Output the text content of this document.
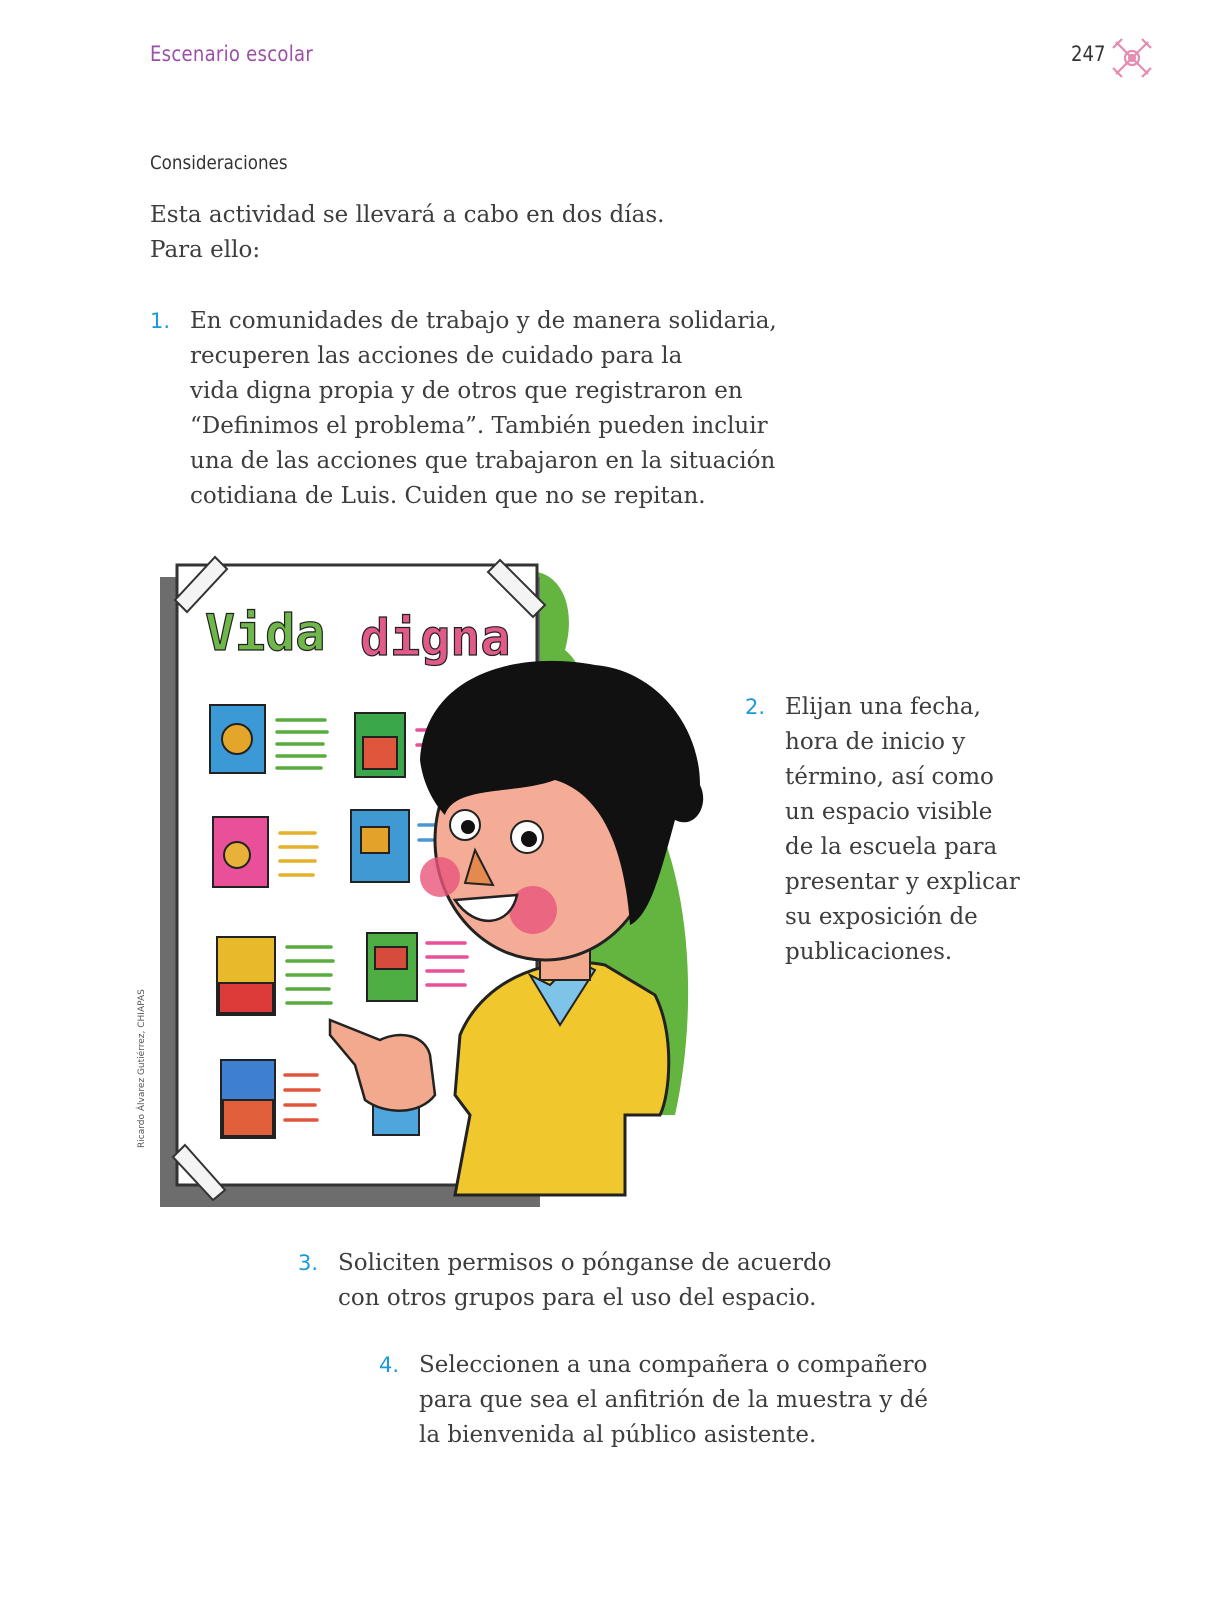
Escenario escolar	247
Consideraciones
Esta actividad se llevará a cabo en dos días.
Para ello:
1. En comunidades de trabajo y de manera solidaria,
recuperen las acciones de cuidado para la
vida digna propia y de otros que registraron en
“Definimos el problema”. También pueden incluir
una de las acciones que trabajaron en la situación
cotidiana de Luis. Cuiden que no se repitan.
Vida digna
Ricardo Álvarez Gutiérrez, CHIAPAS
2. Elijan una fecha,
hora de inicio y
término, así como
un espacio visible
de la escuela para
presentar y explicar
su exposición de
publicaciones.
3. Soliciten permisos o pónganse de acuerdo
con otros grupos para el uso del espacio.
4. Seleccionen a una compañera o compañero
para que sea el anfitrión de la muestra y dé
la bienvenida al público asistente.
